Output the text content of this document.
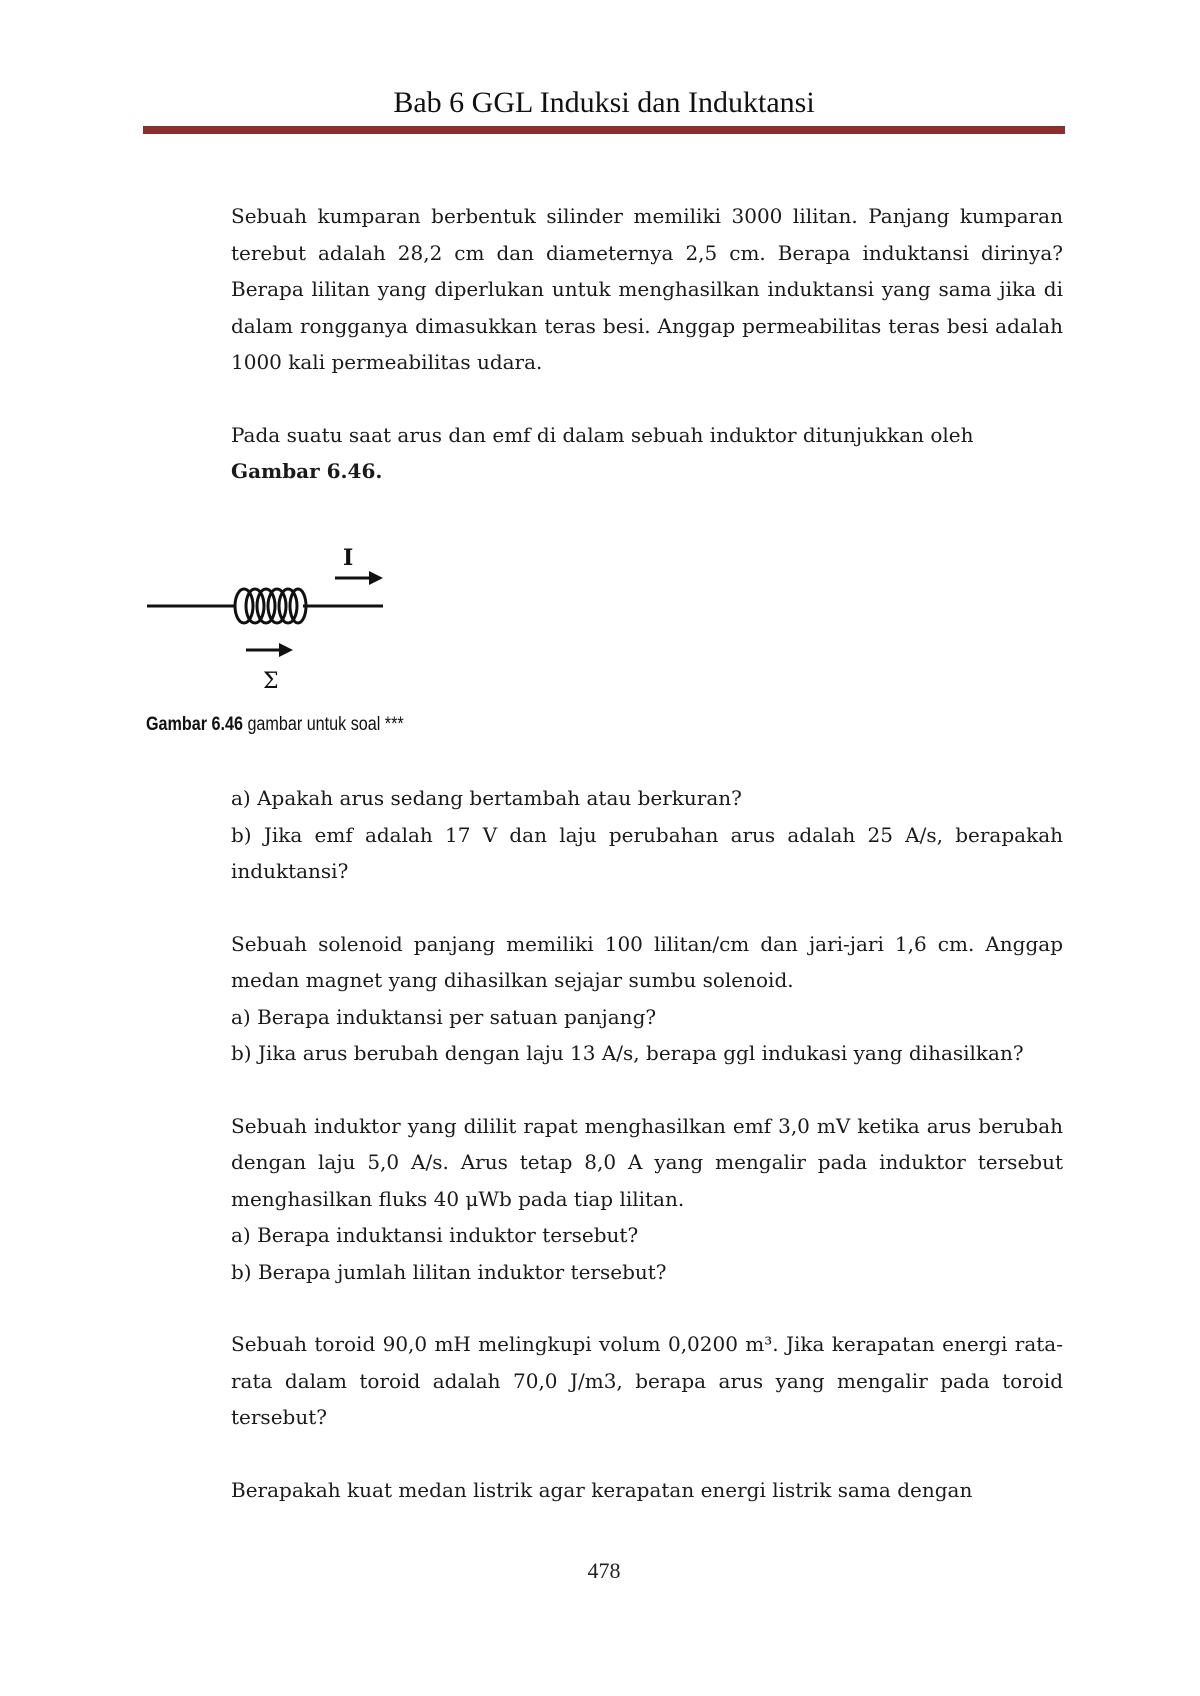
Bab 6 GGL Induksi dan Induktansi

Sebuah kumparan berbentuk silinder memiliki 3000 lilitan. Panjang kumparan terebut adalah 28,2 cm dan diameternya 2,5 cm. Berapa induktansi dirinya? Berapa lilitan yang diperlukan untuk menghasilkan induktansi yang sama jika di dalam rongganya dimasukkan teras besi. Anggap permeabilitas teras besi adalah 1000 kali permeabilitas udara.

Pada suatu saat arus dan emf di dalam sebuah induktor ditunjukkan oleh
Gambar 6.46.

I
Σ
Gambar 6.46 gambar untuk soal ***

a) Apakah arus sedang bertambah atau berkuran?

b) Jika emf adalah 17 V dan laju perubahan arus adalah 25 A/s, berapakah induktansi?

Sebuah solenoid panjang memiliki 100 lilitan/cm dan jari-jari 1,6 cm. Anggap medan magnet yang dihasilkan sejajar sumbu solenoid.

a) Berapa induktansi per satuan panjang?

b) Jika arus berubah dengan laju 13 A/s, berapa ggl indukasi yang dihasilkan?

Sebuah induktor yang dililit rapat menghasilkan emf 3,0 mV ketika arus berubah dengan laju 5,0 A/s. Arus tetap 8,0 A yang mengalir pada induktor tersebut menghasilkan fluks 40 μWb pada tiap lilitan.

a) Berapa induktansi induktor tersebut?

b) Berapa jumlah lilitan induktor tersebut?

Sebuah toroid 90,0 mH melingkupi volum 0,0200 m³. Jika kerapatan energi rata-rata dalam toroid adalah 70,0 J/m3, berapa arus yang mengalir pada toroid tersebut?

Berapakah kuat medan listrik agar kerapatan energi listrik sama dengan

478
